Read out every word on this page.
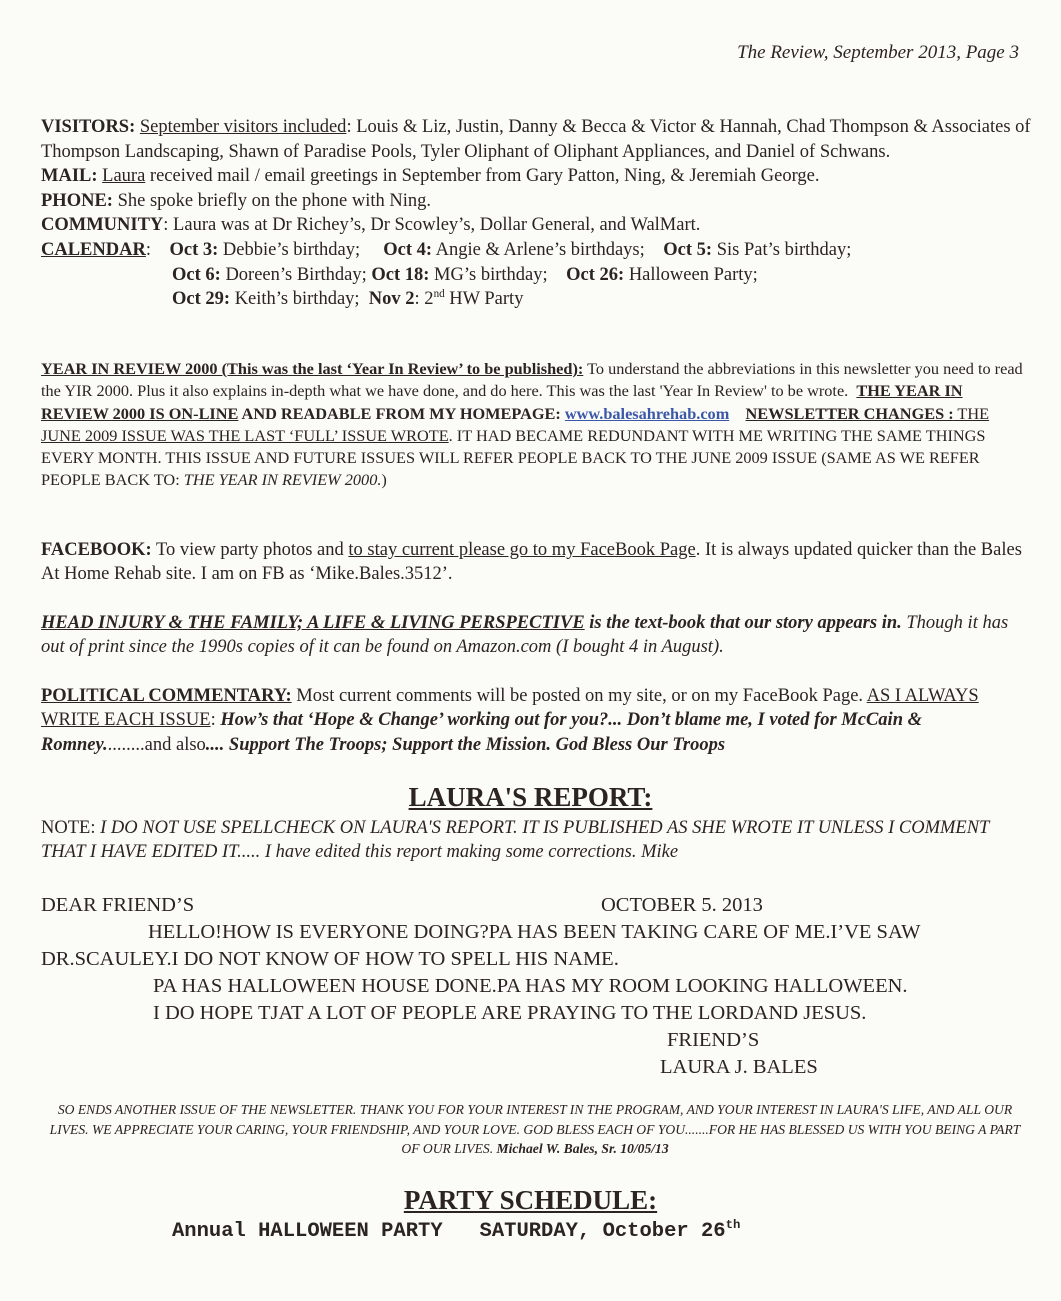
The Review, September 2013, Page 3

VISITORS: September visitors included: Louis & Liz, Justin, Danny & Becca & Victor & Hannah, Chad Thompson & Associates of Thompson Landscaping, Shawn of Paradise Pools, Tyler Oliphant of Oliphant Appliances, and Daniel of Schwans.

MAIL: Laura received mail / email greetings in September from Gary Patton, Ning, & Jeremiah George.

PHONE: She spoke briefly on the phone with Ning.

COMMUNITY: Laura was at Dr Richey’s, Dr Scowley’s, Dollar General, and WalMart.

CALENDAR: Oct 3: Debbie’s birthday; Oct 4: Angie & Arlene’s birthdays; Oct 5: Sis Pat’s birthday;

Oct 6: Doreen’s Birthday; Oct 18: MG’s birthday; Oct 26: Halloween Party;

Oct 29: Keith’s birthday; Nov 2: 2nd HW Party

YEAR IN REVIEW 2000 (This was the last ‘Year In Review’ to be published): To understand the abbreviations in this newsletter you need to read the YIR 2000. Plus it also explains in-depth what we have done, and do here. This was the last 'Year In Review' to be wrote. THE YEAR IN REVIEW 2000 IS ON-LINE AND READABLE FROM MY HOMEPAGE: www.balesahrehab.com NEWSLETTER CHANGES : THE JUNE 2009 ISSUE WAS THE LAST ‘FULL’ ISSUE WROTE. IT HAD BECAME REDUNDANT WITH ME WRITING THE SAME THINGS EVERY MONTH. THIS ISSUE AND FUTURE ISSUES WILL REFER PEOPLE BACK TO THE JUNE 2009 ISSUE (SAME AS WE REFER PEOPLE BACK TO: THE YEAR IN REVIEW 2000.)

FACEBOOK: To view party photos and to stay current please go to my FaceBook Page. It is always updated quicker than the Bales At Home Rehab site. I am on FB as ‘Mike.Bales.3512’.

HEAD INJURY & THE FAMILY; A LIFE & LIVING PERSPECTIVE is the text-book that our story appears in. Though it has out of print since the 1990s copies of it can be found on Amazon.com (I bought 4 in August).

POLITICAL COMMENTARY: Most current comments will be posted on my site, or on my FaceBook Page. AS I ALWAYS WRITE EACH ISSUE: How’s that ‘Hope & Change’ working out for you?... Don’t blame me, I voted for McCain & Romney.........and also.... Support The Troops; Support the Mission. God Bless Our Troops

LAURA'S REPORT:

NOTE: I DO NOT USE SPELLCHECK ON LAURA'S REPORT. IT IS PUBLISHED AS SHE WROTE IT UNLESS I COMMENT THAT I HAVE EDITED IT..... I have edited this report making some corrections. Mike

DEAR FRIEND’S	OCTOBER 5. 2013
HELLO!HOW IS EVERYONE DOING?PA HAS BEEN TAKING CARE OF ME.I’VE SAW
DR.SCAULEY.I DO NOT KNOW OF HOW TO SPELL HIS NAME.
PA HAS HALLOWEEN HOUSE DONE.PA HAS MY ROOM LOOKING HALLOWEEN.
I DO HOPE TJAT A LOT OF PEOPLE ARE PRAYING TO THE LORDAND JESUS.
FRIEND’S
LAURA J. BALES
SO ENDS ANOTHER ISSUE OF THE NEWSLETTER. THANK YOU FOR YOUR INTEREST IN THE PROGRAM, AND YOUR INTEREST IN LAURA'S LIFE, AND ALL OUR LIVES. WE APPRECIATE YOUR CARING, YOUR FRIENDSHIP, AND YOUR LOVE. GOD BLESS EACH OF YOU.......FOR HE HAS BLESSED US WITH YOU BEING A PART OF OUR LIVES. Michael W. Bales, Sr. 10/05/13
PARTY SCHEDULE:
Annual HALLOWEEN PARTY   SATURDAY, October 26th
